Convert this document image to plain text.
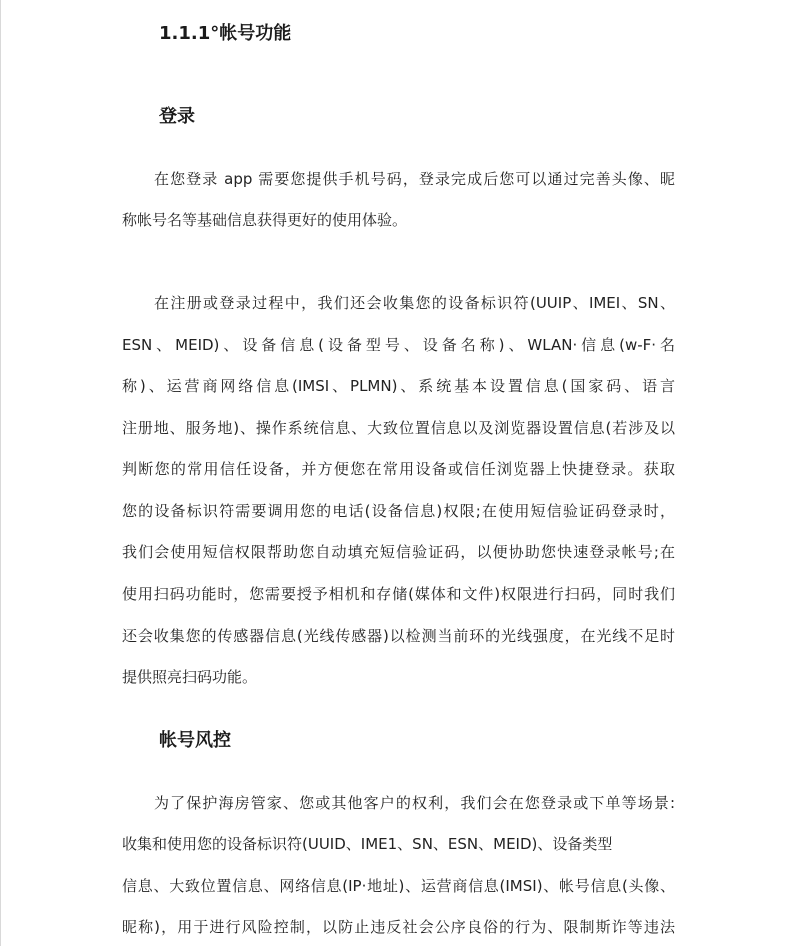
1.1.1°帐号功能
登录
在您登录 app 需要您提供手机号码，登录完成后您可以通过完善头像、昵
称帐号名等基础信息获得更好的使用体验。
在注册或登录过程中，我们还会收集您的设备标识符(UUIP、IMEI、SN、
ESN、MEID)、设备信息(设备型号、设备名称)、WLAN·信息(w-F·名
称)、运营商网络信息(IMSI、PLMN)、系统基本设置信息(国家码、语言
注册地、服务地)、操作系统信息、大致位置信息以及浏览器设置信息(若涉及以
判断您的常用信任设备，并方便您在常用设备或信任浏览器上快捷登录。获取
您的设备标识符需要调用您的电话(设备信息)权限;在使用短信验证码登录时，
我们会使用短信权限帮助您自动填充短信验证码，以便协助您快速登录帐号;在
使用扫码功能时，您需要授予相机和存储(媒体和文件)权限进行扫码，同时我们
还会收集您的传感器信息(光线传感器)以检测当前环的光线强度，在光线不足时
提供照亮扫码功能。
帐号风控
为了保护海房管家、您或其他客户的权利，我们会在您登录或下单等场景:
收集和使用您的设备标识符(UUID、IME1、SN、ESN、MEID)、设备类型
信息、大致位置信息、网络信息(IP·地址)、运营商信息(IMSI)、帐号信息(头像、
昵称)，用于进行风险控制，以防止违反社会公序良俗的行为、限制斯诈等违法
